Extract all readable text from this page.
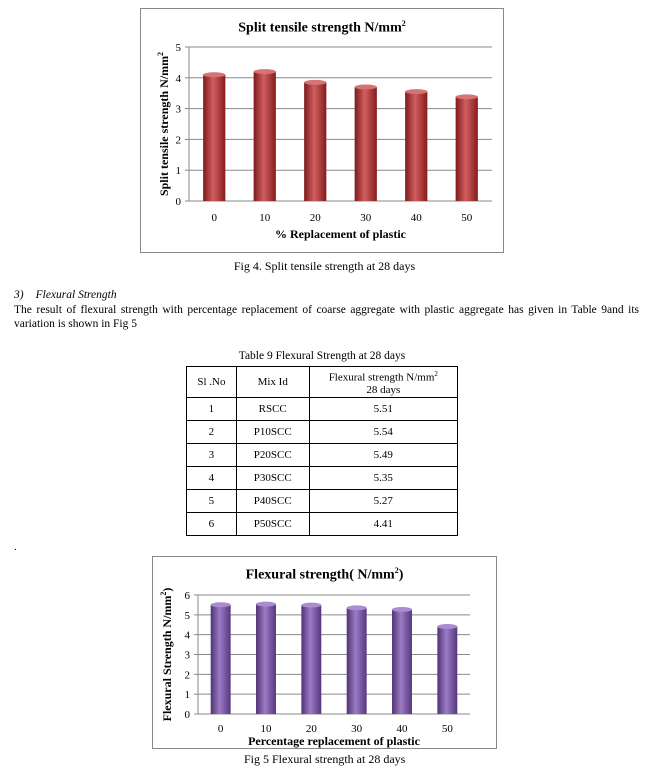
Split tensile strength $N/mm^2$
0
1
2
3
4
5
0	10	20	30	40	50
% Replacement of plastic
Split tensile strength $N/mm^2$
Fig 4. Split tensile strength at 28 days
3) Flexural Strength
The result of flexural strength with percentage replacement of coarse aggregate with plastic aggregate has given in Table 9and its variation is shown in Fig 5
Table 9 Flexural Strength at 28 days
Sl .No	Mix Id	Flexural strength $N/mm^2$
28 days
1	RSCC	5.51
2	P10SCC	5.54
3	P20SCC	5.49
4	P30SCC	5.35
5	P40SCC	5.27
6	P50SCC	4.41
.
Flexural strength( $N/mm^2$)
0
1
2
3
4
5
6
0	10	20	30	40	50
Percentage replacement of plastic
Flexural Strength $N/mm^2$)
Fig 5 Flexural strength at 28 days
